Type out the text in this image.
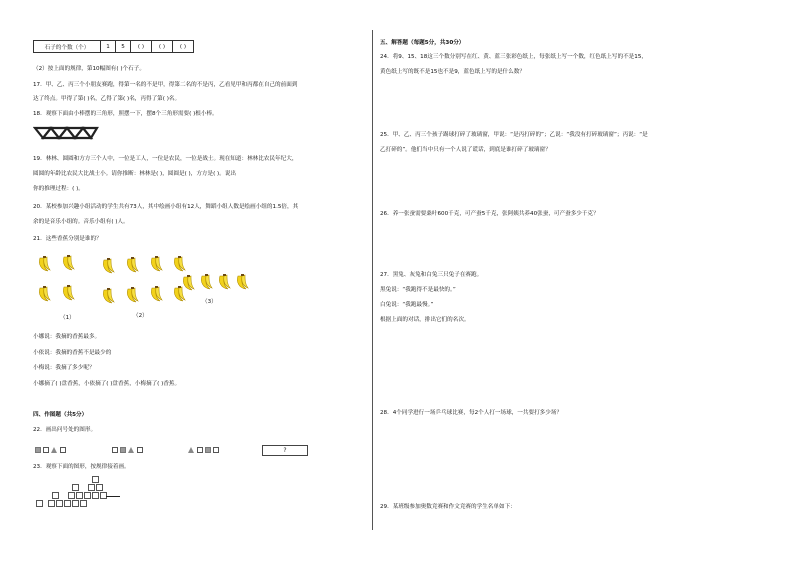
石子的个数（个）	1	5	( )	( )	( )
（2）按上面的规律，第10幅图有( )个石子。
17．甲、乙、丙三个小朋友赛跑，得第一名的不是甲，得第二名的不是丙，乙看见甲和丙都在自己的前面到
达了终点。甲得了第( )名，乙得了第( )名，丙得了第( )名。
18．观察下面由小棒摆的三角形，照摆一下，摆8个三角形需要( )根小棒。
19．林林、圆圆和方方三个人中，一位是工人，一位是农民，一位是战士。现在知道：林林比农民年纪大，
圆圆的年龄比农民大比战士小。请你推断：林林是( )，圆圆是( )，方方是( )。说出
你的推理过程：( )。
20．某校参加兴趣小组活动的学生共有73人，其中绘画小组有12人，舞蹈小组人数是绘画小组的1.5倍，其
余的是音乐小组的。音乐小组有( )人。
21．这些香蕉分别是谁的？
（1）	（2）
（3）
小娜说：我摘的香蕉最多。
小依说：我摘的香蕉不是最少的
小梅说：我摘了多少呢？
小娜摘了( )盘香蕉，小依摘了( )盘香蕉，小梅摘了( )香蕉。
四、作图题（共5分）
22．画出问号处的图形。
?
23．观察下面的图形，按规律接着画。
五、解答题（每题5分，共30分）
24．将9、15、18这三个数分别写在红、黄、蓝三张彩色纸上，每张纸上写一个数，红色纸上写的不是15，
黄色纸上写的既不是15也不是9，蓝色纸上写的是什么数？
25．甲、乙、丙三个孩子踢球打碎了玻璃窗，甲说：“是丙打碎的”；乙说：“我没有打碎玻璃窗”；丙说：“是
乙打碎的”。他们当中只有一个人说了谎话，到底是谁打碎了玻璃窗？
26．养一张蚕需要桑叶600千克，可产蚕5千克，张阿姨共养40张蚕，可产蚕多少千克？
27．黑兔、灰兔和白兔三只兔子在赛跑。
黑兔说：“我跑得不是最快的。”
白兔说：“我跑最慢。”
根据上面的对话，排出它们的名次。
28．4个同学进行一场乒乓球比赛，每2个人打一场球，一共要打多少场？
29．某班级参加奥数竞赛和作文竞赛的学生名单如下：
